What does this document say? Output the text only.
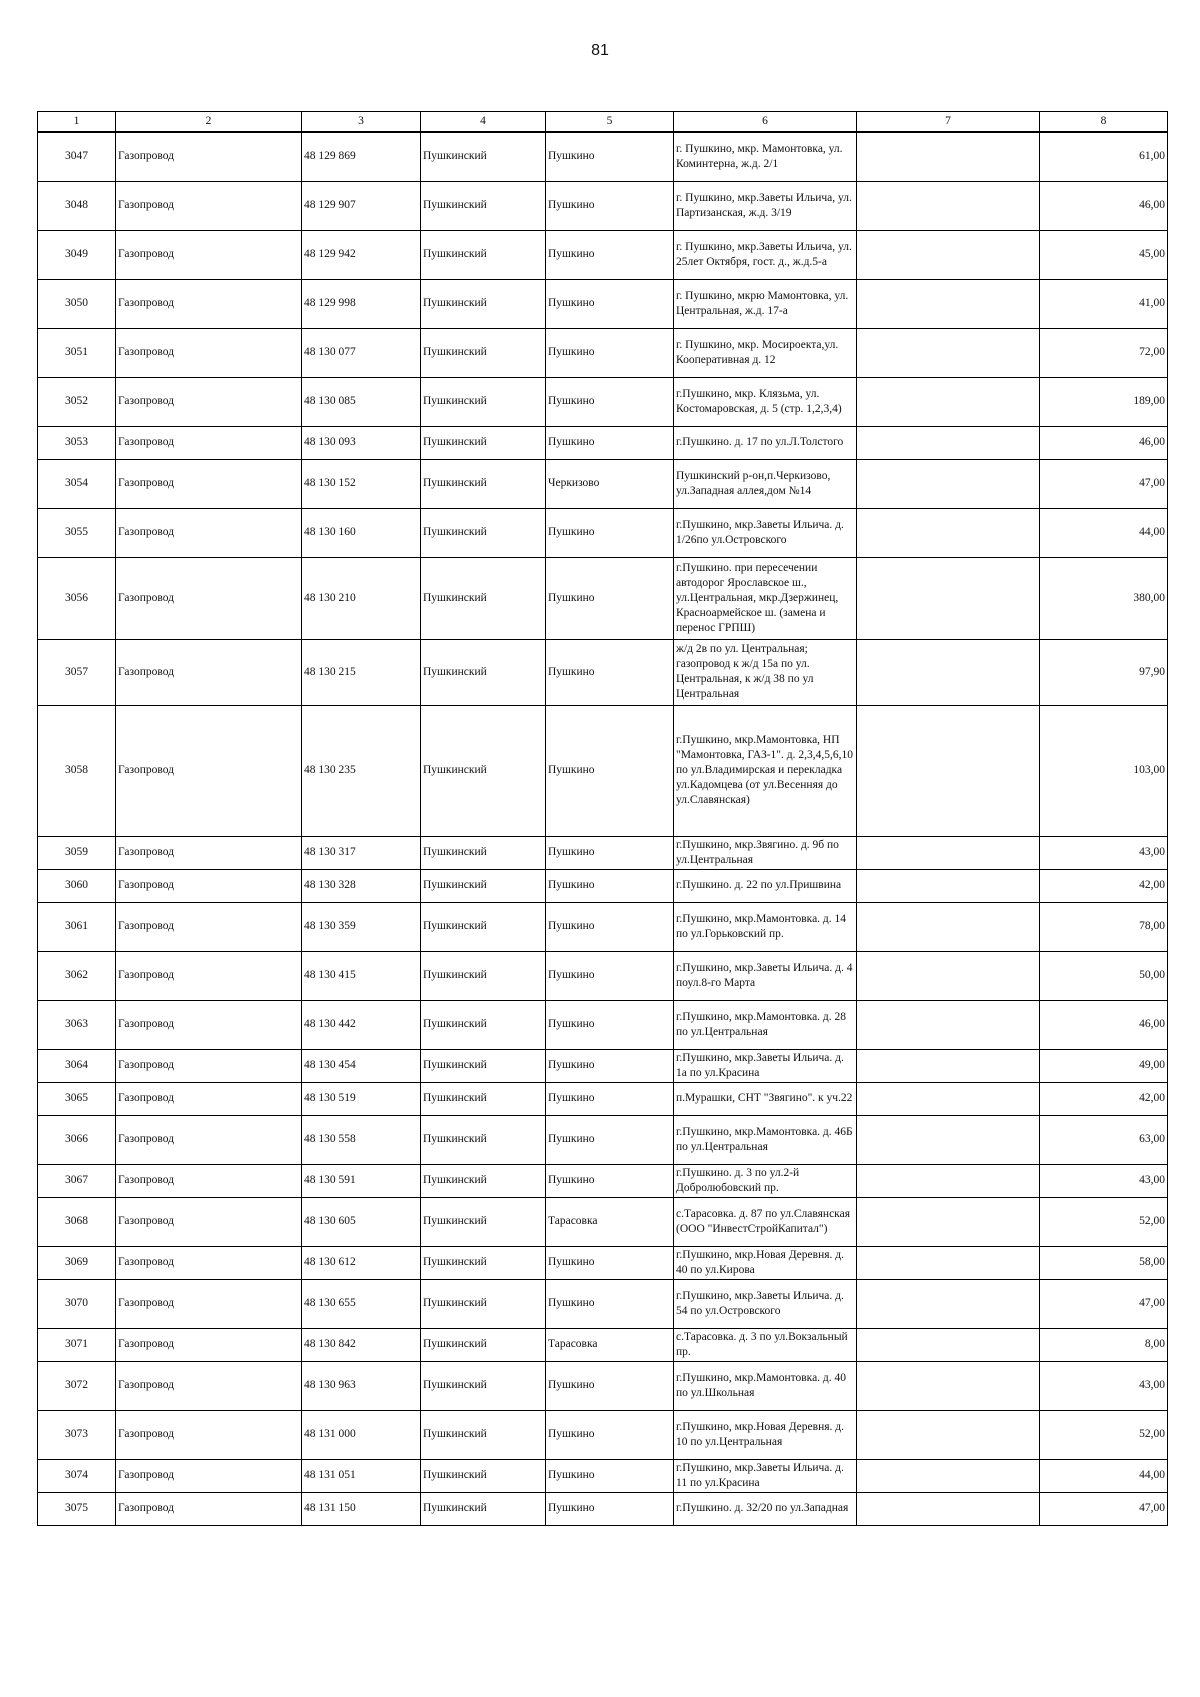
81
1	2	3	4	5	6	7	8
3047	Газопровод	48 129 869	Пушкинский	Пушкино	г. Пушкино, мкр. Мамонтовка, ул. Коминтерна, ж.д. 2/1		61,00
3048	Газопровод	48 129 907	Пушкинский	Пушкино	г. Пушкино, мкр.Заветы Ильича, ул. Партизанская, ж.д. 3/19		46,00
3049	Газопровод	48 129 942	Пушкинский	Пушкино	г. Пушкино, мкр.Заветы Ильича, ул. 25лет Октября, гост. д., ж.д.5-а		45,00
3050	Газопровод	48 129 998	Пушкинский	Пушкино	г. Пушкино, мкрю Мамонтовка, ул. Центральная, ж.д. 17-а		41,00
3051	Газопровод	48 130 077	Пушкинский	Пушкино	г. Пушкино, мкр. Мосироекта,ул. Кооперативная д. 12		72,00
3052	Газопровод	48 130 085	Пушкинский	Пушкино	г.Пушкино, мкр. Клязьма, ул. Костомаровская, д. 5 (стр. 1,2,3,4)		189,00
3053	Газопровод	48 130 093	Пушкинский	Пушкино	г.Пушкино. д. 17 по ул.Л.Толстого		46,00
3054	Газопровод	48 130 152	Пушкинский	Черкизово	Пушкинский р-он,п.Черкизово, ул.Западная аллея,дом №14		47,00
3055	Газопровод	48 130 160	Пушкинский	Пушкино	г.Пушкино, мкр.Заветы Ильича. д. 1/26по ул.Островского		44,00
3056	Газопровод	48 130 210	Пушкинский	Пушкино	г.Пушкино. при пересечении автодорог Ярославское ш., ул.Центральная, мкр.Дзержинец, Красноармейское ш. (замена и перенос ГРПШ)		380,00
3057	Газопровод	48 130 215	Пушкинский	Пушкино	ж/д 2в по ул. Центральная; газопровод к ж/д 15а по ул. Центральная, к ж/д 38 по ул Центральная		97,90
3058	Газопровод	48 130 235	Пушкинский	Пушкино	г.Пушкино, мкр.Мамонтовка, НП "Мамонтовка, ГАЗ-1". д. 2,3,4,5,6,10 по ул.Владимирская и перекладка ул.Кадомцева (от ул.Весенняя до ул.Славянская)		103,00
3059	Газопровод	48 130 317	Пушкинский	Пушкино	г.Пушкино, мкр.Звягино. д. 9б по ул.Центральная		43,00
3060	Газопровод	48 130 328	Пушкинский	Пушкино	г.Пушкино. д. 22 по ул.Пришвина		42,00
3061	Газопровод	48 130 359	Пушкинский	Пушкино	г.Пушкино, мкр.Мамонтовка. д. 14 по ул.Горьковский пр.		78,00
3062	Газопровод	48 130 415	Пушкинский	Пушкино	г.Пушкино, мкр.Заветы Ильича. д. 4 поул.8-го Марта		50,00
3063	Газопровод	48 130 442	Пушкинский	Пушкино	г.Пушкино, мкр.Мамонтовка. д. 28 по ул.Центральная		46,00
3064	Газопровод	48 130 454	Пушкинский	Пушкино	г.Пушкино, мкр.Заветы Ильича. д. 1а по ул.Красина		49,00
3065	Газопровод	48 130 519	Пушкинский	Пушкино	п.Мурашки, СНТ "Звягино". к уч.22		42,00
3066	Газопровод	48 130 558	Пушкинский	Пушкино	г.Пушкино, мкр.Мамонтовка. д. 46Б по ул.Центральная		63,00
3067	Газопровод	48 130 591	Пушкинский	Пушкино	г.Пушкино. д. 3 по ул.2-й Добролюбовский пр.		43,00
3068	Газопровод	48 130 605	Пушкинский	Тарасовка	с.Тарасовка. д. 87 по ул.Славянская (ООО "ИнвестСтройКапитал")		52,00
3069	Газопровод	48 130 612	Пушкинский	Пушкино	г.Пушкино, мкр.Новая Деревня. д. 40 по ул.Кирова		58,00
3070	Газопровод	48 130 655	Пушкинский	Пушкино	г.Пушкино, мкр.Заветы Ильича. д. 54 по ул.Островского		47,00
3071	Газопровод	48 130 842	Пушкинский	Тарасовка	с.Тарасовка. д. 3 по ул.Вокзальный пр.		8,00
3072	Газопровод	48 130 963	Пушкинский	Пушкино	г.Пушкино, мкр.Мамонтовка. д. 40 по ул.Школьная		43,00
3073	Газопровод	48 131 000	Пушкинский	Пушкино	г.Пушкино, мкр.Новая Деревня. д. 10 по ул.Центральная		52,00
3074	Газопровод	48 131 051	Пушкинский	Пушкино	г.Пушкино, мкр.Заветы Ильича. д. 11 по ул.Красина		44,00
3075	Газопровод	48 131 150	Пушкинский	Пушкино	г.Пушкино. д. 32/20 по ул.Западная		47,00
